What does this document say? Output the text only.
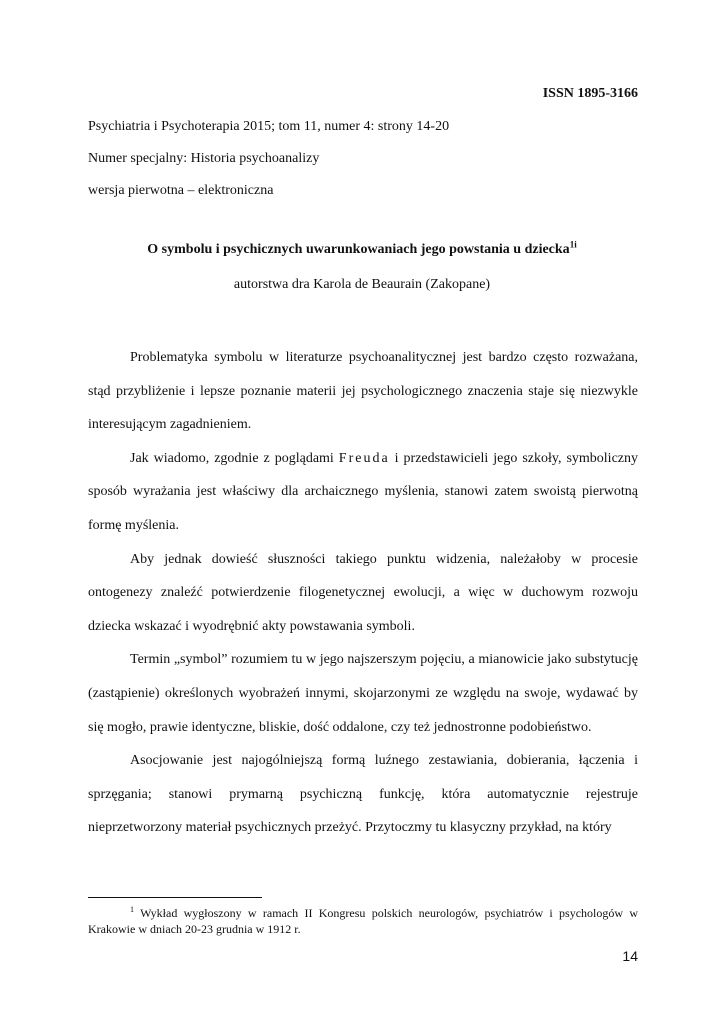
ISSN 1895-3166
Psychiatria i Psychoterapia 2015; tom 11, numer 4: strony 14-20
Numer specjalny: Historia psychoanalizy
wersja pierwotna – elektroniczna
O symbolu i psychicznych uwarunkowaniach jego powstania u dziecka$^{1i}$
autorstwa dra Karola de Beaurain (Zakopane)

Problematyka symbolu w literaturze psychoanalitycznej jest bardzo często rozważana, stąd przybliżenie i lepsze poznanie materii jej psychologicznego znaczenia staje się niezwykle interesującym zagadnieniem.

Jak wiadomo, zgodnie z poglądami Freuda i przedstawicieli jego szkoły, symboliczny sposób wyrażania jest właściwy dla archaicznego myślenia, stanowi zatem swoistą pierwotną formę myślenia.

Aby jednak dowieść słuszności takiego punktu widzenia, należałoby w procesie ontogenezy znaleźć potwierdzenie filogenetycznej ewolucji, a więc w duchowym rozwoju dziecka wskazać i wyodrębnić akty powstawania symboli.

Termin „symbol” rozumiem tu w jego najszerszym pojęciu, a mianowicie jako substytucję (zastąpienie) określonych wyobrażeń innymi, skojarzonymi ze względu na swoje, wydawać by się mogło, prawie identyczne, bliskie, dość oddalone, czy też jednostronne podobieństwo.

Asocjowanie jest najogólniejszą formą luźnego zestawiania, dobierania, łączenia i sprzęgania; stanowi prymarną psychiczną funkcję, która automatycznie rejestruje nieprzetworzony materiał psychicznych przeżyć. Przytoczmy tu klasyczny przykład, na który

$^1$ Wykład wygłoszony w ramach II Kongresu polskich neurologów, psychiatrów i psychologów w Krakowie w dniach 20-23 grudnia w 1912 r.

14
